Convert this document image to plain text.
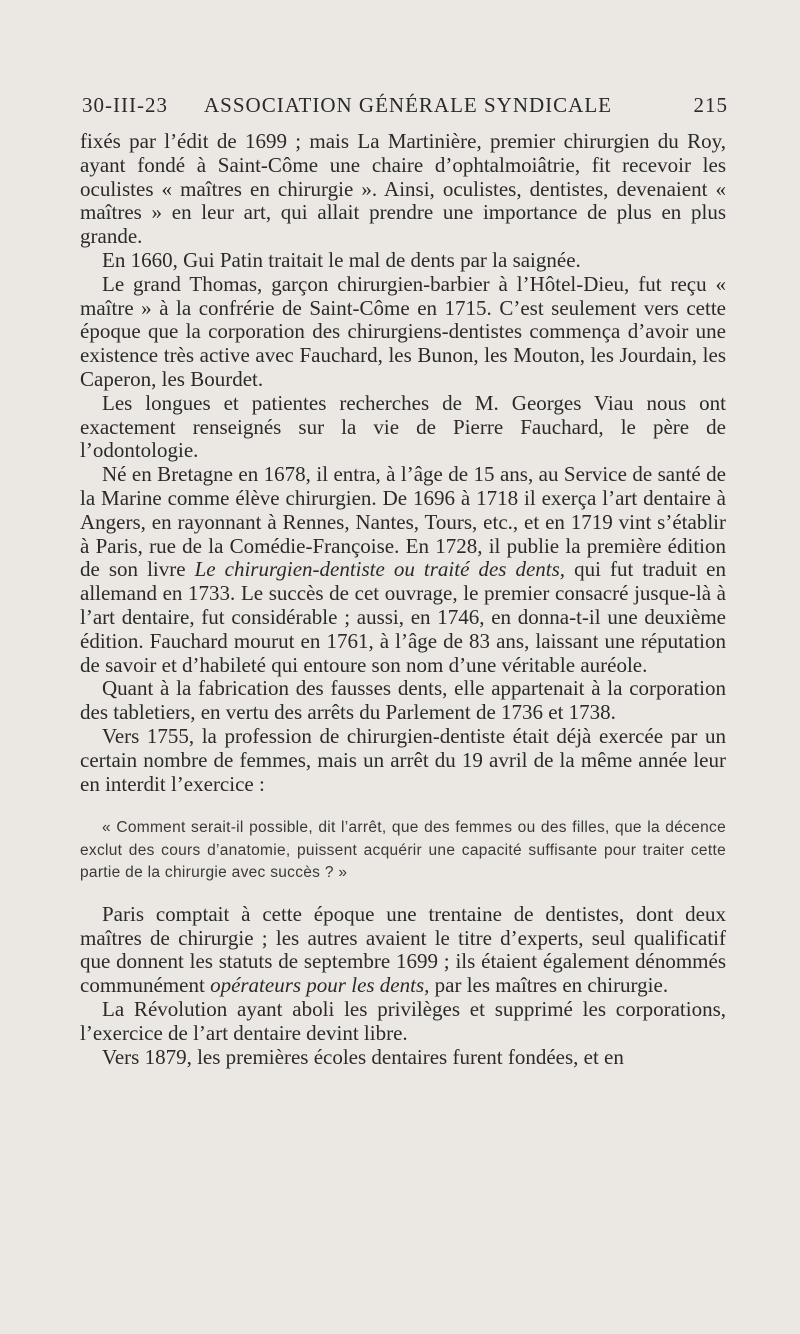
30-III-23 ASSOCIATION GÉNÉRALE SYNDICALE	215

fixés par l’édit de 1699 ; mais La Martinière, premier chirurgien du Roy, ayant fondé à Saint-Côme une chaire d’ophtalmoiâtrie, fit recevoir les oculistes « maîtres en chirurgie ». Ainsi, oculistes, dentistes, devenaient « maîtres » en leur art, qui allait prendre une importance de plus en plus grande.

En 1660, Gui Patin traitait le mal de dents par la saignée.

Le grand Thomas, garçon chirurgien-barbier à l’Hôtel-Dieu, fut reçu « maître » à la confrérie de Saint-Côme en 1715. C’est seulement vers cette époque que la corporation des chirurgiens-dentistes commença d’avoir une existence très active avec Fauchard, les Bunon, les Mouton, les Jourdain, les Caperon, les Bourdet.

Les longues et patientes recherches de M. Georges Viau nous ont exactement renseignés sur la vie de Pierre Fauchard, le père de l’odontologie.

Né en Bretagne en 1678, il entra, à l’âge de 15 ans, au Service de santé de la Marine comme élève chirurgien. De 1696 à 1718 il exerça l’art dentaire à Angers, en rayonnant à Rennes, Nantes, Tours, etc., et en 1719 vint s’établir à Paris, rue de la Comédie-Françoise. En 1728, il publie la première édition de son livre Le chirurgien-dentiste ou traité des dents, qui fut traduit en allemand en 1733. Le succès de cet ouvrage, le premier consacré jusque-là à l’art dentaire, fut considérable ; aussi, en 1746, en donna-t-il une deuxième édition. Fauchard mourut en 1761, à l’âge de 83 ans, laissant une réputation de savoir et d’habileté qui entoure son nom d’une véritable auréole.

Quant à la fabrication des fausses dents, elle appartenait à la corporation des tabletiers, en vertu des arrêts du Parlement de 1736 et 1738.

Vers 1755, la profession de chirurgien-dentiste était déjà exercée par un certain nombre de femmes, mais un arrêt du 19 avril de la même année leur en interdit l’exercice :

« Comment serait-il possible, dit l’arrêt, que des femmes ou des filles, que la décence exclut des cours d’anatomie, puissent acquérir une capacité suffisante pour traiter cette partie de la chirurgie avec succès ? »

Paris comptait à cette époque une trentaine de dentistes, dont deux maîtres de chirurgie ; les autres avaient le titre d’experts, seul qualificatif que donnent les statuts de septembre 1699 ; ils étaient également dénommés communément opérateurs pour les dents, par les maîtres en chirurgie.

La Révolution ayant aboli les privilèges et supprimé les corporations, l’exercice de l’art dentaire devint libre.

Vers 1879, les premières écoles dentaires furent fondées, et en
